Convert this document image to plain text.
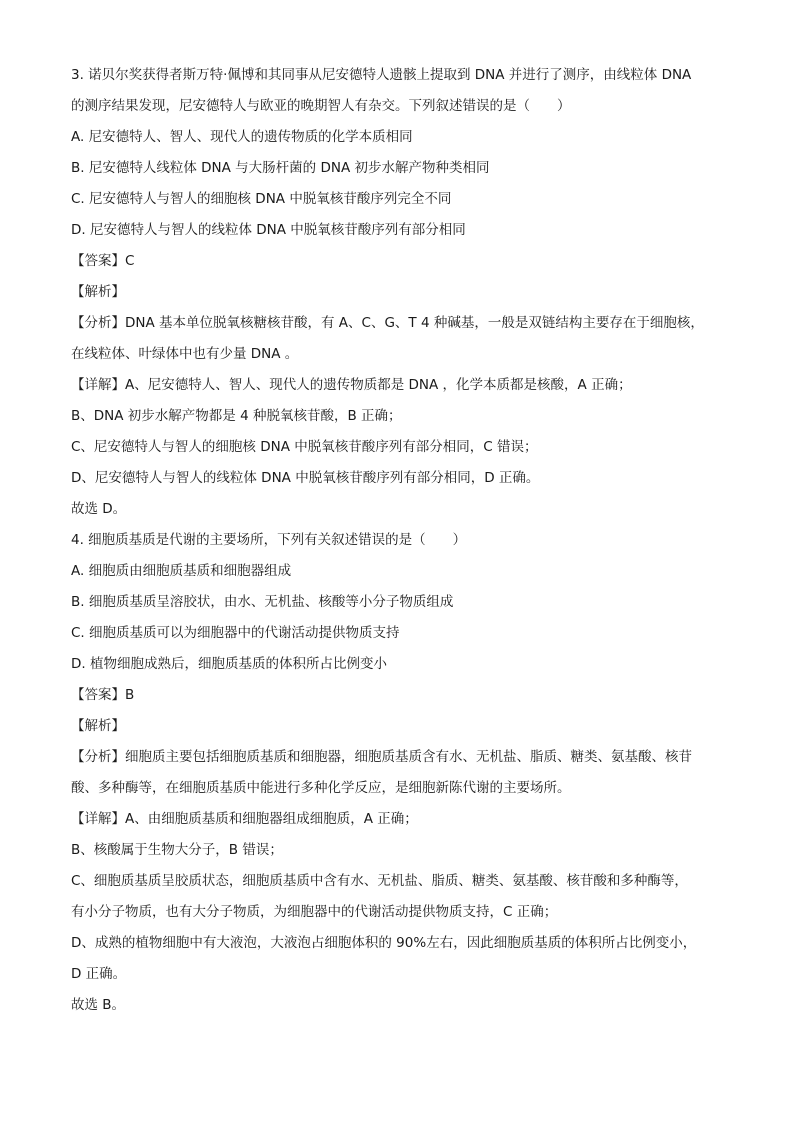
3. 诺贝尔奖获得者斯万特·佩博和其同事从尼安德特人遗骸上提取到 DNA 并进行了测序，由线粒体 DNA
的测序结果发现，尼安德特人与欧亚的晚期智人有杂交。下列叙述错误的是（　　）
A. 尼安德特人、智人、现代人的遗传物质的化学本质相同
B. 尼安德特人线粒体 DNA 与大肠杆菌的 DNA 初步水解产物种类相同
C. 尼安德特人与智人的细胞核 DNA 中脱氧核苷酸序列完全不同
D. 尼安德特人与智人的线粒体 DNA 中脱氧核苷酸序列有部分相同
【答案】C
【解析】
【分析】DNA 基本单位脱氧核糖核苷酸，有 A、C、G、T 4 种碱基，一般是双链结构主要存在于细胞核，
在线粒体、叶绿体中也有少量 DNA 。
【详解】A、尼安德特人、智人、现代人的遗传物质都是 DNA ，化学本质都是核酸，A 正确；
B、DNA 初步水解产物都是 4 种脱氧核苷酸，B 正确；
C、尼安德特人与智人的细胞核 DNA 中脱氧核苷酸序列有部分相同，C 错误；
D、尼安德特人与智人的线粒体 DNA 中脱氧核苷酸序列有部分相同，D 正确。
故选 D。
4. 细胞质基质是代谢的主要场所，下列有关叙述错误的是（　　）
A. 细胞质由细胞质基质和细胞器组成
B. 细胞质基质呈溶胶状，由水、无机盐、核酸等小分子物质组成
C. 细胞质基质可以为细胞器中的代谢活动提供物质支持
D. 植物细胞成熟后，细胞质基质的体积所占比例变小
【答案】B
【解析】
【分析】细胞质主要包括细胞质基质和细胞器，细胞质基质含有水、无机盐、脂质、糖类、氨基酸、核苷
酸、多种酶等，在细胞质基质中能进行多种化学反应，是细胞新陈代谢的主要场所。
【详解】A、由细胞质基质和细胞器组成细胞质，A 正确；
B、核酸属于生物大分子，B 错误；
C、细胞质基质呈胶质状态，细胞质基质中含有水、无机盐、脂质、糖类、氨基酸、核苷酸和多种酶等，
有小分子物质，也有大分子物质，为细胞器中的代谢活动提供物质支持，C 正确；
D、成熟的植物细胞中有大液泡，大液泡占细胞体积的 90%左右，因此细胞质基质的体积所占比例变小，
D 正确。
故选 B。
